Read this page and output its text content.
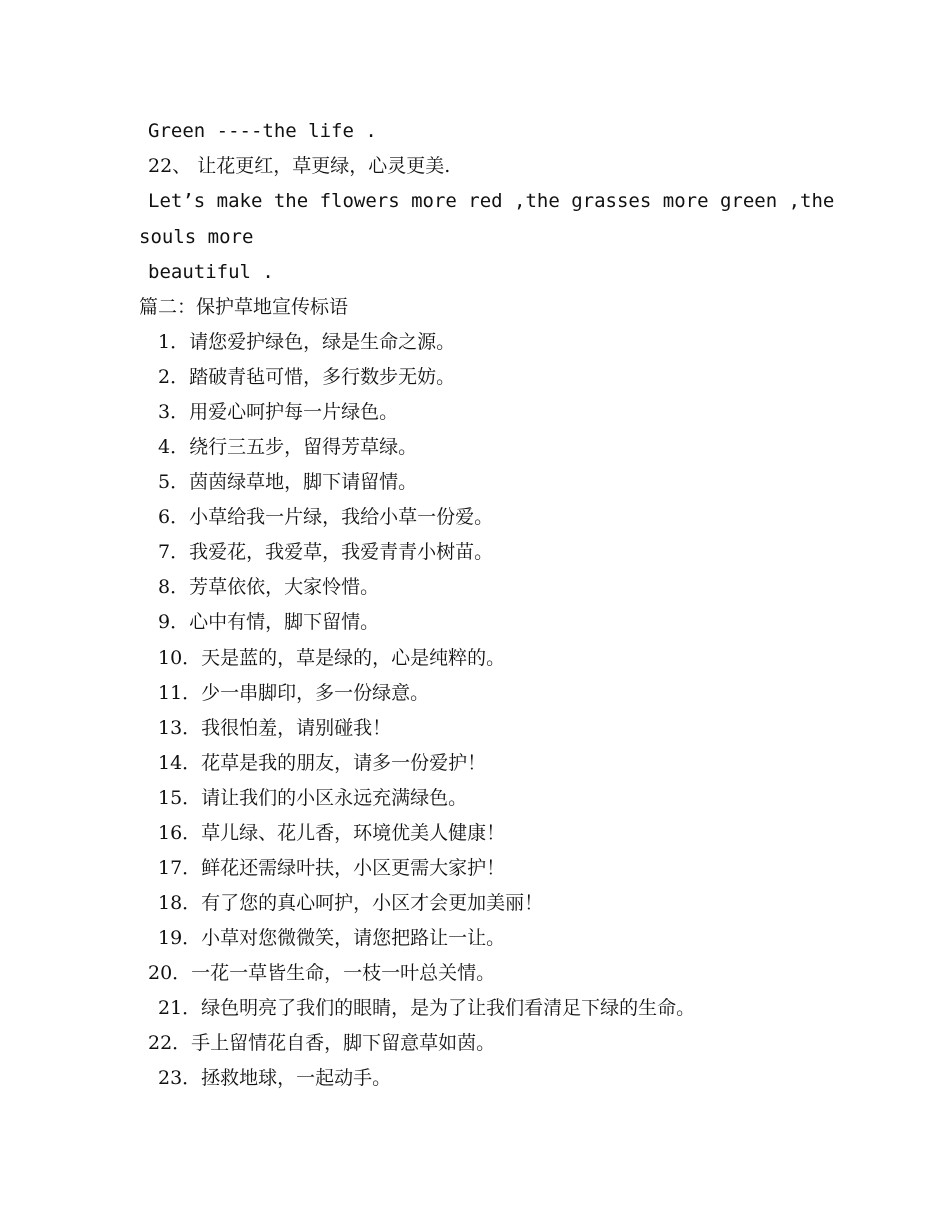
Green ----the life .
22、 让花更红，草更绿，心灵更美.
Let’s make the flowers more red ,the grasses more green ,the
souls more
beautiful .
篇二：保护草地宣传标语
1．请您爱护绿色，绿是生命之源。
2．踏破青毡可惜，多行数步无妨。
3．用爱心呵护每一片绿色。
4．绕行三五步，留得芳草绿。
5．茵茵绿草地，脚下请留情。
6．小草给我一片绿，我给小草一份爱。
7．我爱花，我爱草，我爱青青小树苗。
8．芳草依依，大家怜惜。
9．心中有情，脚下留情。
10．天是蓝的，草是绿的，心是纯粹的。
11．少一串脚印，多一份绿意。
13．我很怕羞，请别碰我！
14．花草是我的朋友，请多一份爱护！
15．请让我们的小区永远充满绿色。
16．草儿绿、花儿香，环境优美人健康！
17．鲜花还需绿叶扶，小区更需大家护！
18．有了您的真心呵护，小区才会更加美丽！
19．小草对您微微笑，请您把路让一让。
20．一花一草皆生命，一枝一叶总关情。
21．绿色明亮了我们的眼睛，是为了让我们看清足下绿的生命。
22．手上留情花自香，脚下留意草如茵。
23．拯救地球，一起动手。
